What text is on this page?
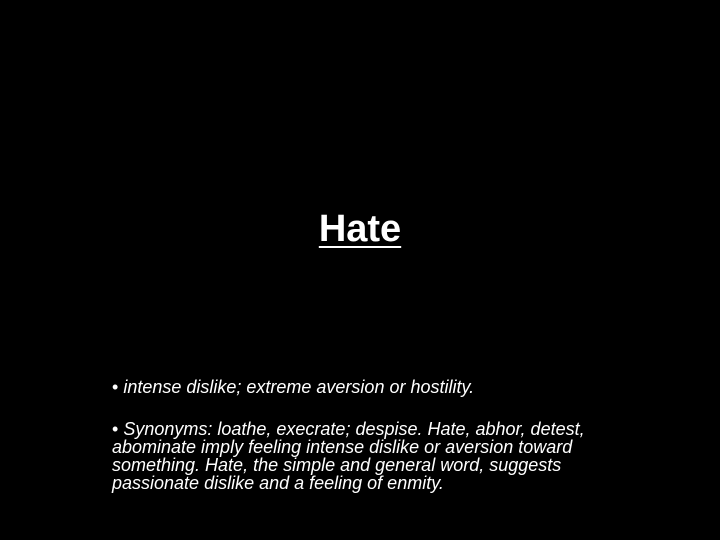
Hate
• intense dislike; extreme aversion or hostility.
• Synonyms: loathe, execrate; despise. Hate, abhor, detest, abominate imply feeling intense dislike or aversion toward something. Hate, the simple and general word, suggests passionate dislike and a feeling of enmity.
